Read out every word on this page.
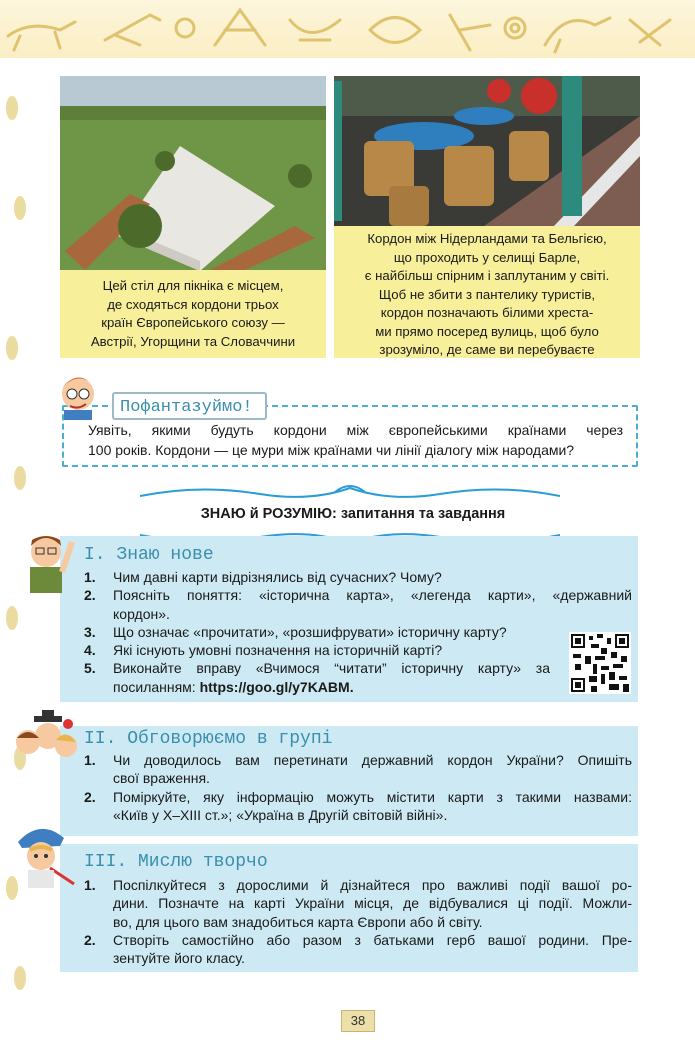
Цей стіл для пікніка є місцем,
де сходяться кордони трьох
країн Європейського союзу —
Австрії, Угорщини та Словаччини
Кордон між Нідерландами та Бельгією,
що проходить у селищі Барле,
є найбільш спірним і заплутаним у світі.
Щоб не збити з пантелику туристів,
кордон позначають білими хреста-
ми прямо посеред вулиць, щоб було
зрозуміло, де саме ви перебуваєте
Пофантазуймо!
Уявіть, якими будуть кордони між європейськими країнами через
100 років. Кордони — це мури між країнами чи лінії діалогу між народами?
ЗНАЮ й РОЗУМІЮ: запитання та завдання
I. Знаю нове
1. Чим давні карти відрізнялись від сучасних? Чому?
2. Поясніть поняття: «історична карта», «легенда карти», «державний
кордон».
3. Що означає «прочитати», «розшифрувати» історичну карту?
4. Які існують умовні позначення на історичній карті?
5. Виконайте вправу «Вчимося “читати” історичну карту» за
посиланням: https://goo.gl/y7KABM.
II. Обговорюємо в групі
1. Чи доводилось вам перетинати державний кордон України? Опишіть
свої враження.
2. Поміркуйте, яку інформацію можуть містити карти з такими назвами:
«Київ у X–XIII ст.»; «Україна в Другій світовій війні».
III. Мислю творчо
1. Поспілкуйтеся з дорослими й дізнайтеся про важливі події вашої ро-
дини. Позначте на карті України місця, де відбувалися ці події. Можли-
во, для цього вам знадобиться карта Європи або й світу.
2. Створіть самостійно або разом з батьками герб вашої родини. Пре-
зентуйте його класу.
38
